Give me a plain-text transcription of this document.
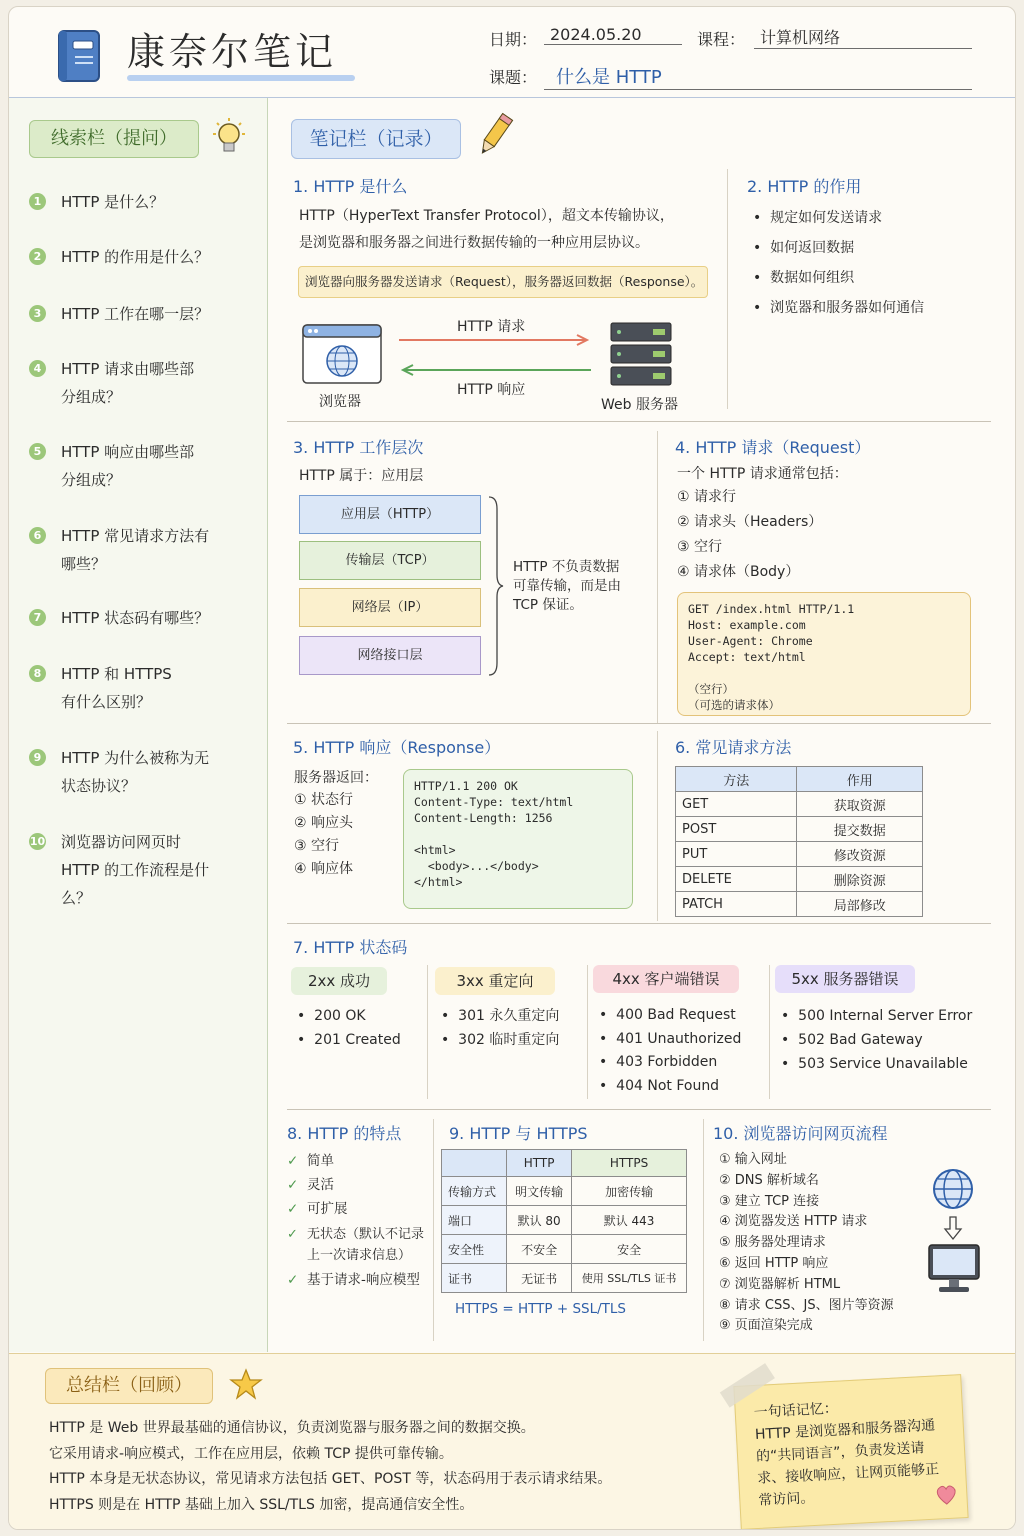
康奈尔笔记	日期： 2024.05.20	课程： 计算机网络
课题：	什么是 HTTP
线索栏（提问）
1	HTTP 是什么？
2	HTTP 的作用是什么？
3	HTTP 工作在哪一层？
4	HTTP 请求由哪些部分组成？
5	HTTP 响应由哪些部分组成？
6	HTTP 常见请求方法有哪些？
7	HTTP 状态码有哪些？
8	HTTP 和 HTTPS 有什么区别？
9	HTTP 为什么被称为无状态协议？
10 浏览器访问网页时 HTTP 的工作流程是什么？
笔记栏（记录）
1. HTTP 是什么
HTTP（HyperText Transfer Protocol），超文本传输协议，
是浏览器和服务器之间进行数据传输的一种应用层协议。
浏览器向服务器发送请求（Request），服务器返回数据（Response）。
浏览器
HTTP 请求
HTTP 响应
Web 服务器
2. HTTP 的作用
•  规定如何发送请求
•  如何返回数据
•  数据如何组织
•  浏览器和服务器如何通信
3. HTTP 工作层次
HTTP 属于：应用层
应用层（HTTP）
传输层（TCP）
网络层（IP）
网络接口层
HTTP 不负责数据可靠传输，而是由 TCP 保证。
4. HTTP 请求（Request）
一个 HTTP 请求通常包括：
① 请求行
② 请求头（Headers）
③ 空行
④ 请求体（Body）
GET /index.html HTTP/1.1
Host: example.com
User-Agent: Chrome
Accept: text/html

（空行）
（可选的请求体）
5. HTTP 响应（Response）
服务器返回：
① 状态行
② 响应头
③ 空行
④ 响应体
HTTP/1.1 200 OK
Content-Type: text/html
Content-Length: 1256

<html>
<body>...</body>
</html>
6. 常见请求方法
方法	作用
GET	获取资源
POST	提交数据
PUT	修改资源
DELETE	删除资源
PATCH	局部修改
7. HTTP 状态码
2xx 成功
•  200 OK
•  201 Created
3xx 重定向
•  301 永久重定向
•  302 临时重定向
4xx 客户端错误
•  400 Bad Request
•  401 Unauthorized
•  403 Forbidden
•  404 Not Found
5xx 服务器错误
•  500 Internal Server Error
•  502 Bad Gateway
•  503 Service Unavailable
8. HTTP 的特点
✓ 简单
✓ 灵活
✓ 可扩展
✓ 无状态（默认不记录上一次请求信息）
✓ 基于请求-响应模型
9. HTTP 与 HTTPS
	HTTP	HTTPS
传输方式	明文传输	加密传输
端口	默认 80	默认 443
安全性	不安全	安全
证书	无证书	使用 SSL/TLS 证书
HTTPS = HTTP + SSL/TLS
10. 浏览器访问网页流程
① 输入网址
② DNS 解析域名
③ 建立 TCP 连接
④ 浏览器发送 HTTP 请求
⑤ 服务器处理请求
⑥ 返回 HTTP 响应
⑦ 浏览器解析 HTML
⑧ 请求 CSS、JS、图片等资源
⑨ 页面渲染完成
总结栏（回顾）
HTTP 是 Web 世界最基础的通信协议，负责浏览器与服务器之间的数据交换。
它采用请求-响应模式，工作在应用层，依赖 TCP 提供可靠传输。
HTTP 本身是无状态协议，常见请求方法包括 GET、POST 等，状态码用于表示请求结果。
HTTPS 则是在 HTTP 基础上加入 SSL/TLS 加密，提高通信安全性。
一句话记忆：
HTTP 是浏览器和服务器沟通的“共同语言”，负责发送请求、接收响应，让网页能够正常访问。
